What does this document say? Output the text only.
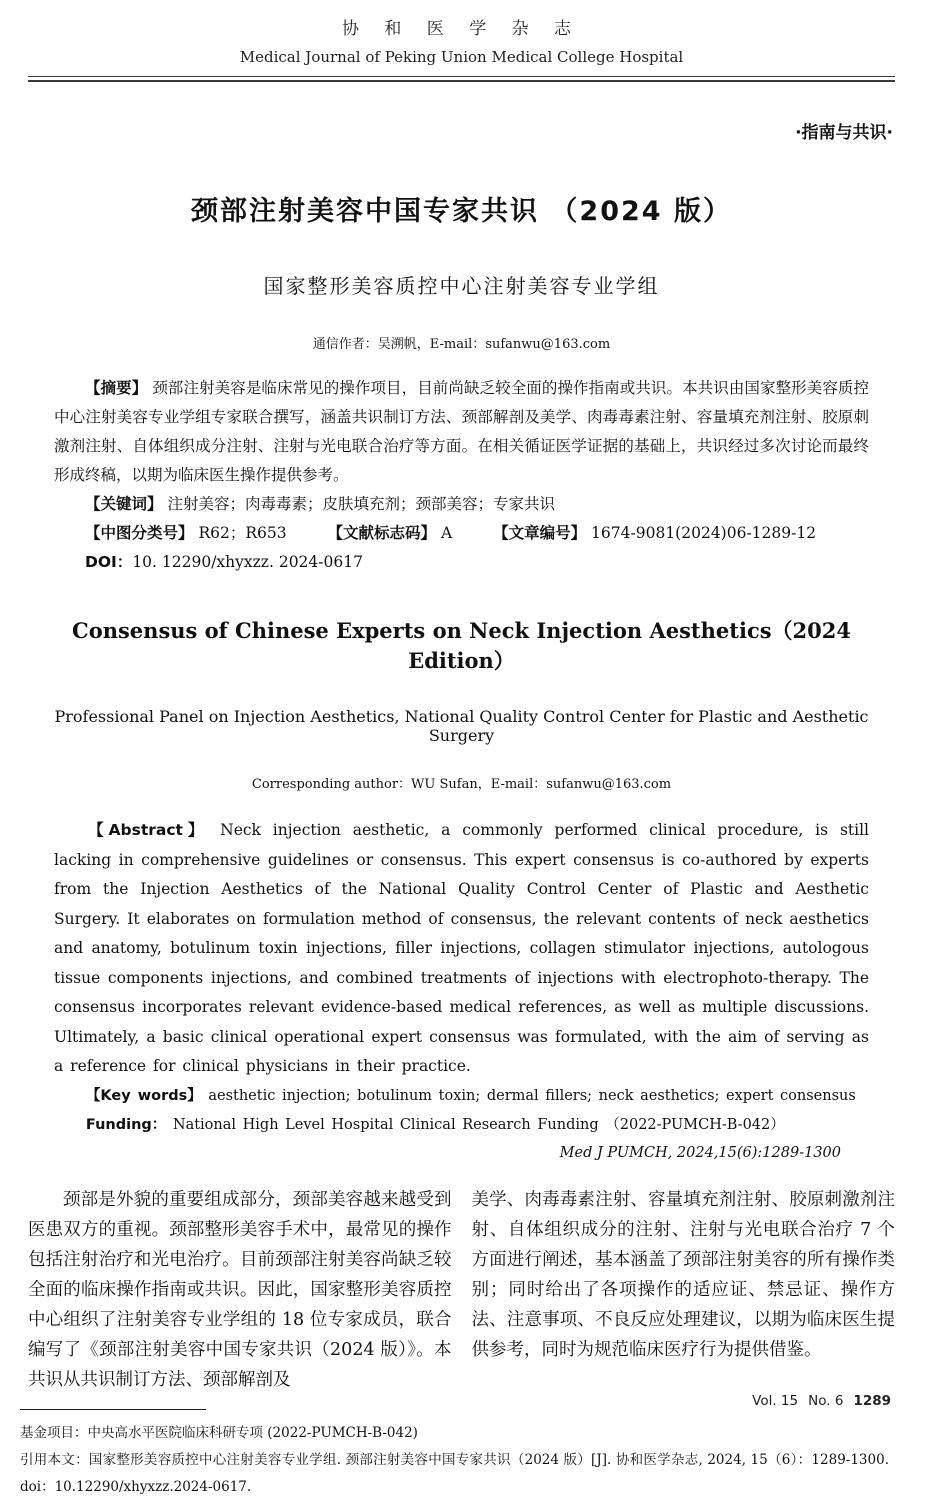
协 和 医 学 杂 志
Medical Journal of Peking Union Medical College Hospital
·指南与共识·
颈部注射美容中国专家共识 （2024 版）
国家整形美容质控中心注射美容专业学组
通信作者：吴溯帆，E-mail：sufanwu@163.com

【摘要】 颈部注射美容是临床常见的操作项目，目前尚缺乏较全面的操作指南或共识。本共识由国家整形美容质控中心注射美容专业学组专家联合撰写，涵盖共识制订方法、颈部解剖及美学、肉毒毒素注射、容量填充剂注射、胶原刺激剂注射、自体组织成分注射、注射与光电联合治疗等方面。在相关循证医学证据的基础上，共识经过多次讨论而最终形成终稿，以期为临床医生操作提供参考。

【关键词】 注射美容；肉毒毒素；皮肤填充剂；颈部美容；专家共识
【中图分类号】 R62；R653	【文献标志码】 A	【文章编号】 1674-9081(2024)06-1289-12
DOI：10. 12290/xhyxzz. 2024-0617
Consensus of Chinese Experts on Neck Injection Aesthetics（2024 Edition）
Professional Panel on Injection Aesthetics, National Quality Control Center for Plastic and Aesthetic Surgery
Corresponding author：WU Sufan，E-mail：sufanwu@163.com

【Abstract】 Neck injection aesthetic, a commonly performed clinical procedure, is still lacking in comprehensive guidelines or consensus. This expert consensus is co-authored by experts from the Injection Aesthetics of the National Quality Control Center of Plastic and Aesthetic Surgery. It elaborates on formulation method of consensus, the relevant contents of neck aesthetics and anatomy, botulinum toxin injections, filler injections, collagen stimulator injections, autologous tissue components injections, and combined treatments of injections with electrophoto-therapy. The consensus incorporates relevant evidence-based medical references, as well as multiple discussions. Ultimately, a basic clinical operational expert consensus was formulated, with the aim of serving as a reference for clinical physicians in their practice.

【Key words】 aesthetic injection; botulinum toxin; dermal fillers; neck aesthetics; expert consensus
Funding： National High Level Hospital Clinical Research Funding （2022-PUMCH-B-042）
Med J PUMCH, 2024,15(6):1289-1300

颈部是外貌的重要组成部分，颈部美容越来越受到医患双方的重视。颈部整形美容手术中，最常见的操作包括注射治疗和光电治疗。目前颈部注射美容尚缺乏较全面的临床操作指南或共识。因此，国家整形美容质控中心组织了注射美容专业学组的 18 位专家成员，联合编写了《颈部注射美容中国专家共识（2024 版）》。本共识从共识制订方法、颈部解剖及

美学、肉毒毒素注射、容量填充剂注射、胶原刺激剂注射、自体组织成分的注射、注射与光电联合治疗 7 个方面进行阐述，基本涵盖了颈部注射美容的所有操作类别；同时给出了各项操作的适应证、禁忌证、操作方法、注意事项、不良反应处理建议，以期为临床医生提供参考，同时为规范临床医疗行为提供借鉴。

基金项目：中央高水平医院临床科研专项 (2022-PUMCH-B-042)

引用本文：国家整形美容质控中心注射美容专业学组. 颈部注射美容中国专家共识（2024 版）[J]. 协和医学杂志, 2024, 15（6）：1289-1300. doi：10.12290/xhyxzz.2024-0617.

Vol. 15 No. 6 1289
